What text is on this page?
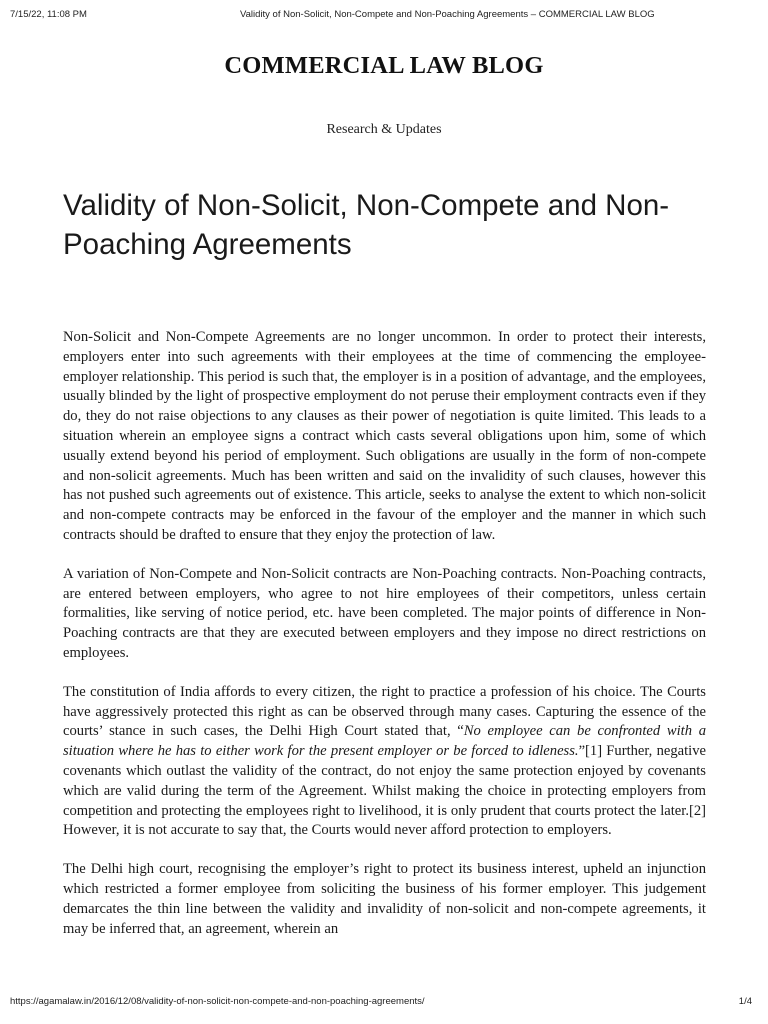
7/15/22, 11:08 PM	Validity of Non-Solicit, Non-Compete and Non-Poaching Agreements – COMMERCIAL LAW BLOG
COMMERCIAL LAW BLOG
Research & Updates
Validity of Non-Solicit, Non-Compete and Non-Poaching Agreements

Non-Solicit and Non-Compete Agreements are no longer uncommon. In order to protect their interests, employers enter into such agreements with their employees at the time of commencing the employee-employer relationship. This period is such that, the employer is in a position of advantage, and the employees, usually blinded by the light of prospective employment do not peruse their employment contracts even if they do, they do not raise objections to any clauses as their power of negotiation is quite limited. This leads to a situation wherein an employee signs a contract which casts several obligations upon him, some of which usually extend beyond his period of employment. Such obligations are usually in the form of non-compete and non-solicit agreements. Much has been written and said on the invalidity of such clauses, however this has not pushed such agreements out of existence. This article, seeks to analyse the extent to which non-solicit and non-compete contracts may be enforced in the favour of the employer and the manner in which such contracts should be drafted to ensure that they enjoy the protection of law.

A variation of Non-Compete and Non-Solicit contracts are Non-Poaching contracts. Non-Poaching contracts, are entered between employers, who agree to not hire employees of their competitors, unless certain formalities, like serving of notice period, etc. have been completed. The major points of difference in Non-Poaching contracts are that they are executed between employers and they impose no direct restrictions on employees.

The constitution of India affords to every citizen, the right to practice a profession of his choice. The Courts have aggressively protected this right as can be observed through many cases. Capturing the essence of the courts’ stance in such cases, the Delhi High Court stated that, “No employee can be confronted with a situation where he has to either work for the present employer or be forced to idleness.”[1] Further, negative covenants which outlast the validity of the contract, do not enjoy the same protection enjoyed by covenants which are valid during the term of the Agreement. Whilst making the choice in protecting employers from competition and protecting the employees right to livelihood, it is only prudent that courts protect the later.[2] However, it is not accurate to say that, the Courts would never afford protection to employers.

The Delhi high court, recognising the employer’s right to protect its business interest, upheld an injunction which restricted a former employee from soliciting the business of his former employer. This judgement demarcates the thin line between the validity and invalidity of non-solicit and non-compete agreements, it may be inferred that, an agreement, wherein an

https://agamalaw.in/2016/12/08/validity-of-non-solicit-non-compete-and-non-poaching-agreements/	1/4
